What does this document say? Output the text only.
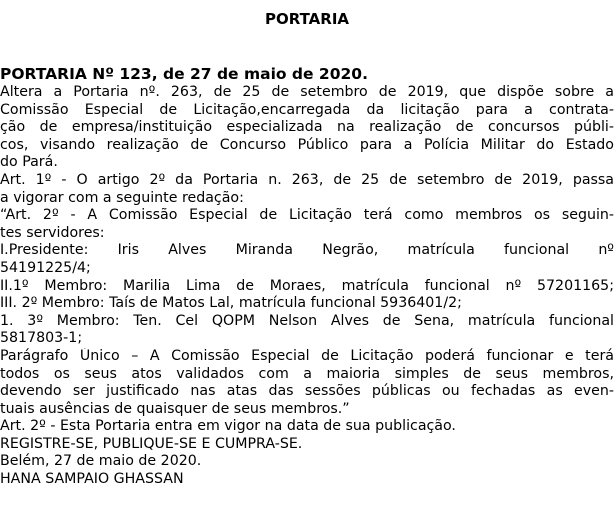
PORTARIA
PORTARIA Nº 123, de 27 de maio de 2020.
Altera a Portaria nº. 263, de 25 de setembro de 2019, que dispõe sobre a
Comissão Especial de Licitação,encarregada da licitação para a contrata-
ção de empresa/instituição especializada na realização de concursos públi-
cos, visando realização de Concurso Público para a Polícia Militar do Estado
do Pará.
Art. 1º - O artigo 2º da Portaria n. 263, de 25 de setembro de 2019, passa
a vigorar com a seguinte redação:
“Art. 2º - A Comissão Especial de Licitação terá como membros os seguin-
tes servidores:
I.Presidente: Iris Alves Miranda Negrão, matrícula funcional nº
54191225/4;
II.1º Membro: Marilia Lima de Moraes, matrícula funcional nº 57201165;
III. 2º Membro: Taís de Matos Lal, matrícula funcional 5936401/2;
1. 3º Membro: Ten. Cel QOPM Nelson Alves de Sena, matrícula funcional
5817803-1;
Parágrafo Único – A Comissão Especial de Licitação poderá funcionar e terá
todos os seus atos validados com a maioria simples de seus membros,
devendo ser justificado nas atas das sessões públicas ou fechadas as even-
tuais ausências de quaisquer de seus membros.”
Art. 2º - Esta Portaria entra em vigor na data de sua publicação.
REGISTRE-SE, PUBLIQUE-SE E CUMPRA-SE.
Belém, 27 de maio de 2020.
HANA SAMPAIO GHASSAN
